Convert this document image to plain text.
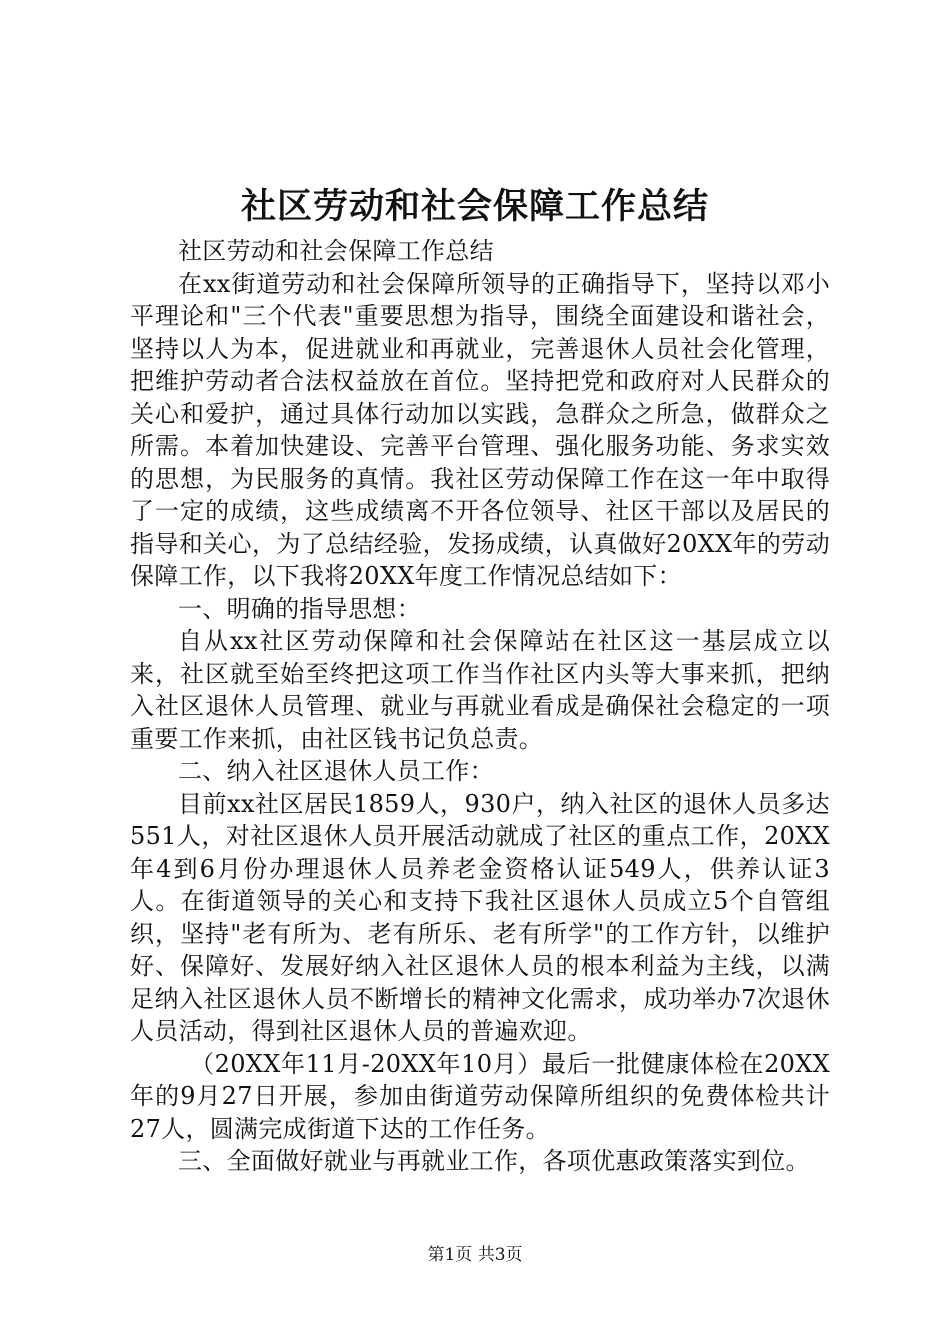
社区劳动和社会保障工作总结

社区劳动和社会保障工作总结

在xx街道劳动和社会保障所领导的正确指导下，坚持以邓小平理论和"三个代表"重要思想为指导，围绕全面建设和谐社会，坚持以人为本，促进就业和再就业，完善退休人员社会化管理，把维护劳动者合法权益放在首位。坚持把党和政府对人民群众的关心和爱护，通过具体行动加以实践，急群众之所急，做群众之所需。本着加快建设、完善平台管理、强化服务功能、务求实效的思想，为民服务的真情。我社区劳动保障工作在这一年中取得了一定的成绩，这些成绩离不开各位领导、社区干部以及居民的指导和关心，为了总结经验，发扬成绩，认真做好20XX年的劳动保障工作，以下我将20XX年度工作情况总结如下：

一、明确的指导思想：

自从xx社区劳动保障和社会保障站在社区这一基层成立以来，社区就至始至终把这项工作当作社区内头等大事来抓，把纳入社区退休人员管理、就业与再就业看成是确保社会稳定的一项重要工作来抓，由社区钱书记负总责。

二、纳入社区退休人员工作：

目前xx社区居民1859人，930户，纳入社区的退休人员多达551人，对社区退休人员开展活动就成了社区的重点工作，20XX年4到6月份办理退休人员养老金资格认证549人，供养认证3人。在街道领导的关心和支持下我社区退休人员成立5个自管组织，坚持"老有所为、老有所乐、老有所学"的工作方针，以维护好、保障好、发展好纳入社区退休人员的根本利益为主线，以满足纳入社区退休人员不断增长的精神文化需求，成功举办7次退休人员活动，得到社区退休人员的普遍欢迎。

（20XX年11月-20XX年10月）最后一批健康体检在20XX年的9月27日开展，参加由街道劳动保障所组织的免费体检共计27人，圆满完成街道下达的工作任务。

三、全面做好就业与再就业工作，各项优惠政策落实到位。

第1页 共3页
